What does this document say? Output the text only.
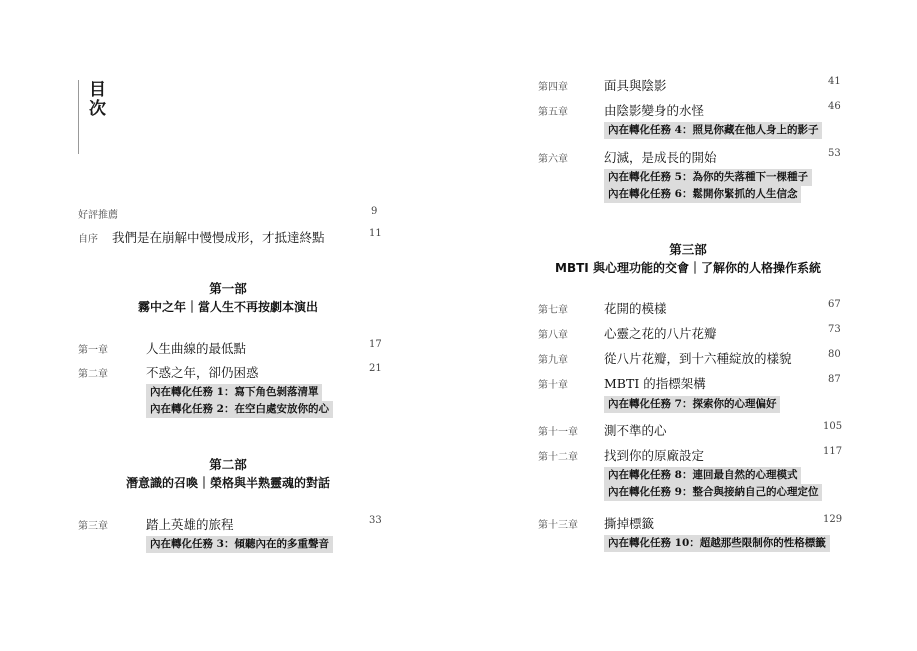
目次
好評推薦	9
自序	我們是在崩解中慢慢成形，才抵達終點	11
第一部
霧中之年｜當人生不再按劇本演出
第一章	人生曲線的最低點	17
第二章	不惑之年，卻仍困惑	21
內在轉化任務 1：寫下角色剝落清單
內在轉化任務 2：在空白處安放你的心
第二部
潛意識的召喚｜榮格與半熟靈魂的對話
第三章	踏上英雄的旅程	33
內在轉化任務 3：傾聽內在的多重聲音
第四章	面具與陰影	41
第五章	由陰影變身的水怪	46
內在轉化任務 4：照見你藏在他人身上的影子
第六章	幻滅，是成長的開始	53
內在轉化任務 5：為你的失落種下一棵種子
內在轉化任務 6：鬆開你緊抓的人生信念
第三部
MBTI 與心理功能的交會｜了解你的人格操作系統
第七章	花開的模樣	67
第八章	心靈之花的八片花瓣	73
第九章	從八片花瓣，到十六種綻放的樣貌	80
第十章	MBTI 的指標架構	87
內在轉化任務 7：探索你的心理偏好
第十一章	測不準的心	105
第十二章	找到你的原廠設定	117
內在轉化任務 8：連回最自然的心理模式
內在轉化任務 9：整合與接納自己的心理定位
第十三章	撕掉標籤	129
內在轉化任務 10：超越那些限制你的性格標籤
